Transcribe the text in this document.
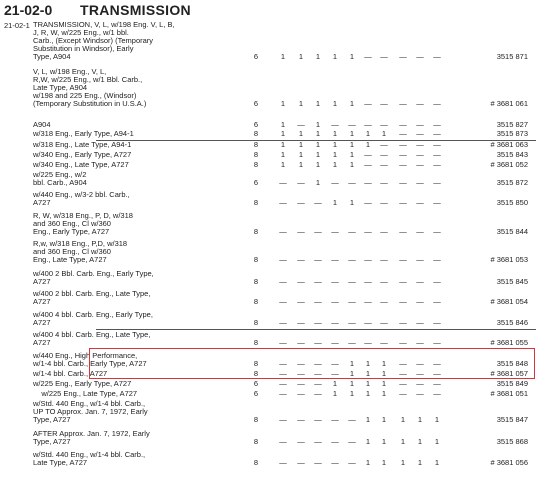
21-02-0 TRANSMISSION
21-02-1 TRANSMISSION, V, L, w/198 Eng. V, L, B,
J, R, W, w/225 Eng., w/1 bbl.
Carb., (Except Windsor) (Temporary
Substitution in Windsor), Early
Type, A904	6	1	1	1	1	1	—	—	—	—	—	3515 871
V, L, w/198 Eng., V, L,
R,W, w/225 Eng., w/1 Bbl. Carb.,
Late Type, A904
w/198 and 225 Eng., (Windsor)
(Temporary Substitution in U.S.A.)	6	1	1	1	1	1	—	—	—	—	—	# 3681 061
A904	6	1	—	1	—	—	—	—	—	—	—	3515 827
w/318 Eng., Early Type, A94-1	8	1	1	1	1	1	1	1	—	—	—	3515 873
w/318 Eng., Late Type, A94-1	8	1	1	1	1	1	1	—	—	—	—	# 3681 063
w/340 Eng., Early Type, A727	8	1	1	1	1	1	—	—	—	—	—	3515 843
w/340 Eng., Late Type, A727	8	1	1	1	1	1	—	—	—	—	—	# 3681 052
w/225 Eng., w/2
bbl. Carb., A904	6	—	—	1	—	—	—	—	—	—	—	3515 872
w/440 Eng., w/3-2 bbl. Carb.,
A727	8	—	—	—	1	1	—	—	—	—	—	3515 850
R, W, w/318 Eng., P, D, w/318
and 360 Eng., Cl w/360
Eng., Early Type, A727	8	—	—	—	—	—	—	—	—	—	—	3515 844
R,w, w/318 Eng., P,D, w/318
and 360 Eng., Cl w/360
Eng., Late Type, A727	8	—	—	—	—	—	—	—	—	—	—	# 3681 053
w/400 2 Bbl. Carb. Eng., Early Type,
A727	8	—	—	—	—	—	—	—	—	—	—	3515 845
w/400 2 bbl. Carb. Eng., Late Type,
A727	8	—	—	—	—	—	—	—	—	—	—	# 3681 054
w/400 4 bbl. Carb. Eng., Early Type,
A727	8	—	—	—	—	—	—	—	—	—	—	3515 846
w/400 4 bbl. Carb. Eng., Late Type,
A727	8	—	—	—	—	—	—	—	—	—	—	# 3681 055
w/440 Eng., High Performance,
w/1-4 bbl. Carb., Early Type, A727	8	—	—	—	—	1	1	1	—	—	—	3515 848
w/1-4 bbl. Carb., A727	8	—	—	—	—	1	1	1	—	—	—	# 3681 057
w/225 Eng., Early Type, A727	6	—	—	—	1	1	1	1	—	—	—	3515 849
w/225 Eng., Late Type, A727	6	—	—	—	1	1	1	1	—	—	—	# 3681 051
w/Std. 440 Eng., w/1-4 bbl. Carb.,
UP TO Approx. Jan. 7, 1972, Early
Type, A727	8	—	—	—	—	—	1	1	1	1	1	3515 847
AFTER Approx. Jan. 7, 1972, Early
Type, A727	8	—	—	—	—	—	1	1	1	1	1	3515 868
w/Std. 440 Eng., w/1-4 bbl. Carb.,
Late Type, A727	8	—	—	—	—	—	1	1	1	1	1	# 3681 056
